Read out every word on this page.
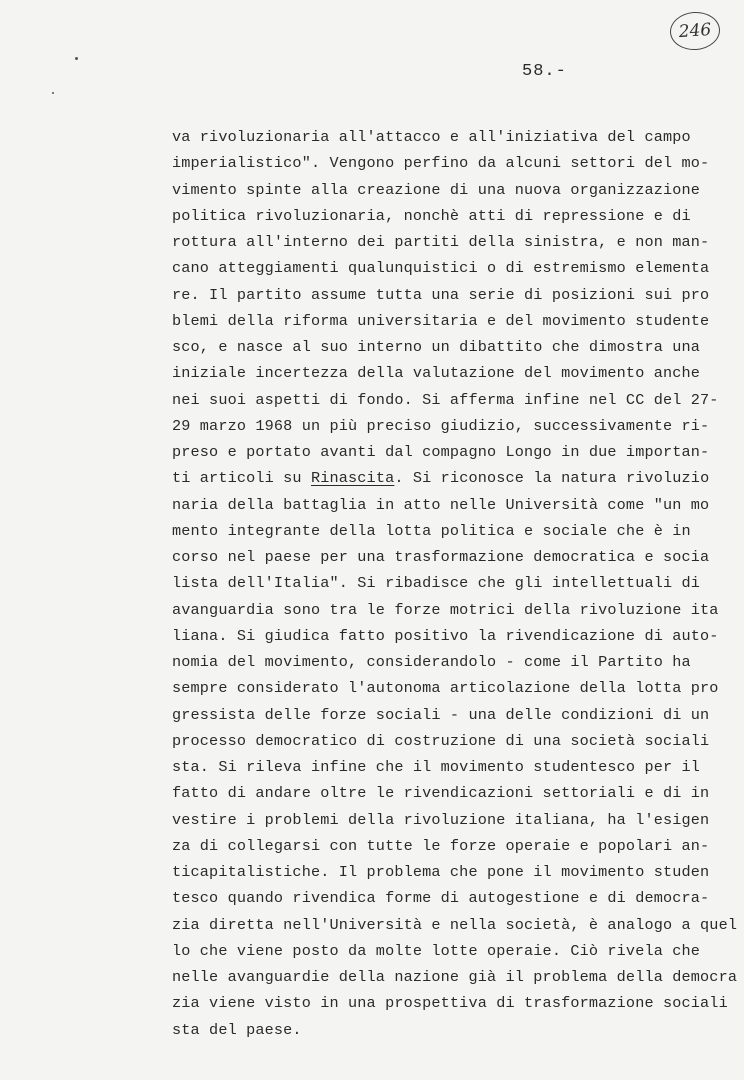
246
58.-
va rivoluzionaria all'attacco e all'iniziativa del campo
imperialistico". Vengono perfino da alcuni settori del mo-
vimento spinte alla creazione di una nuova organizzazione
politica rivoluzionaria, nonchè atti di repressione e di
rottura all'interno dei partiti della sinistra, e non man-
cano atteggiamenti qualunquistici o di estremismo elementa
re. Il partito assume tutta una serie di posizioni sui pro
blemi della riforma universitaria e del movimento studente
sco, e nasce al suo interno un dibattito che dimostra una
iniziale incertezza della valutazione del movimento anche
nei suoi aspetti di fondo. Si afferma infine nel CC del 27-
29 marzo 1968 un più preciso giudizio, successivamente ri-
preso e portato avanti dal compagno Longo in due importan-
ti articoli su Rinascita. Si riconosce la natura rivoluzio
naria della battaglia in atto nelle Università come "un mo
mento integrante della lotta politica e sociale che è in
corso nel paese per una trasformazione democratica e socia
lista dell'Italia". Si ribadisce che gli intellettuali di
avanguardia sono tra le forze motrici della rivoluzione ita
liana. Si giudica fatto positivo la rivendicazione di auto-
nomia del movimento, considerandolo - come il Partito ha
sempre considerato l'autonoma articolazione della lotta pro
gressista delle forze sociali - una delle condizioni di un
processo democratico di costruzione di una società sociali
sta. Si rileva infine che il movimento studentesco per il
fatto di andare oltre le rivendicazioni settoriali e di in
vestire i problemi della rivoluzione italiana, ha l'esigen
za di collegarsi con tutte le forze operaie e popolari an-
ticapitalistiche. Il problema che pone il movimento studen
tesco quando rivendica forme di autogestione e di democra-
zia diretta nell'Università e nella società, è analogo a quel
lo che viene posto da molte lotte operaie. Ciò rivela che
nelle avanguardie della nazione già il problema della democra
zia viene visto in una prospettiva di trasformazione sociali
sta del paese.
